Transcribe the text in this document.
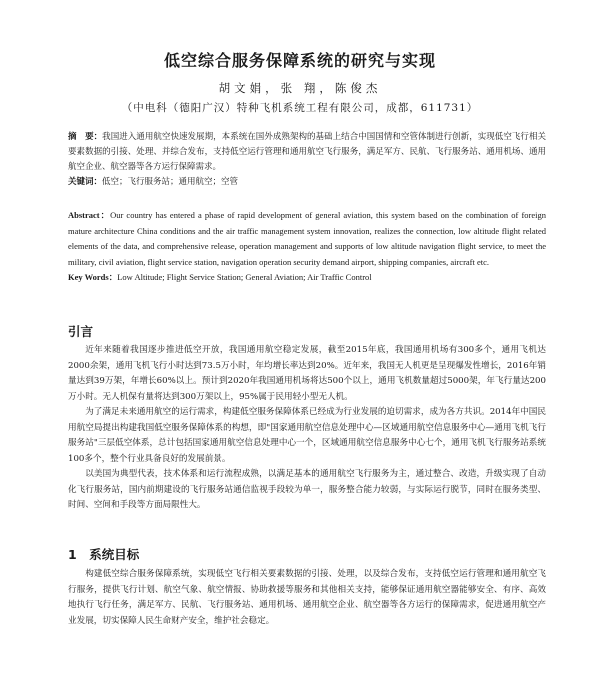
低空综合服务保障系统的研究与实现
胡文娟，张 翔，陈俊杰
（中电科（德阳广汉）特种飞机系统工程有限公司，成都，611731）
摘　要：我国进入通用航空快速发展期，本系统在国外成熟架构的基础上结合中国国情和空管体制进行创新，实现低空飞行相关要素数据的引接、处理、并综合发布，支持低空运行管理和通用航空飞行服务，满足军方、民航、飞行服务站、通用机场、通用航空企业、航空器等各方运行保障需求。
关键词：低空；飞行服务站；通用航空；空管
Abstract：Our country has entered a phase of rapid development of general aviation, this system based on the combination of foreign mature architecture China conditions and the air traffic management system innovation, realizes the connection, low altitude flight related elements of the data, and comprehensive release, operation management and supports of low altitude navigation flight service, to meet the military, civil aviation, flight service station, navigation operation security demand airport, shipping companies, aircraft etc.
Key Words：Low Altitude; Flight Service Station; General Aviation; Air Traffic Control
引言

近年来随着我国逐步推进低空开放，我国通用航空稳定发展，截至2015年底，我国通用机场有300多个，通用飞机达2000余架，通用飞机飞行小时达到73.5万小时，年均增长率达到20%。近年来，我国无人机更是呈现爆发性增长，2016年销量达到39万架，年增长60%以上。预计到2020年我国通用机场将达500个以上，通用飞机数量超过5000架，年飞行量达200万小时。无人机保有量将达到300万架以上，95%属于民用轻小型无人机。

为了满足未来通用航空的运行需求，构建低空服务保障体系已经成为行业发展的迫切需求，成为各方共识。2014年中国民用航空局提出构建我国低空服务保障体系的构想，即"国家通用航空信息处理中心—区域通用航空信息服务中心—通用飞机飞行服务站"三层低空体系，总计包括国家通用航空信息处理中心一个，区域通用航空信息服务中心七个，通用飞机飞行服务站系统100多个，整个行业具备良好的发展前景。

以美国为典型代表，技术体系和运行流程成熟，以满足基本的通用航空飞行服务为主，通过整合、改造，升级实现了自动化飞行服务站，国内前期建设的飞行服务站通信监视手段较为单一，服务整合能力较弱，与实际运行脱节，同时在服务类型、时间、空间和手段等方面局限性大。

1　系统目标

构建低空综合服务保障系统，实现低空飞行相关要素数据的引接、处理，以及综合发布，支持低空运行管理和通用航空飞行服务，提供飞行计划、航空气象、航空情报、协助救援等服务和其他相关支持，能够保证通用航空器能够安全、有序、高效地执行飞行任务，满足军方、民航、飞行服务站、通用机场、通用航空企业、航空器等各方运行的保障需求，促进通用航空产业发展，切实保障人民生命财产安全，维护社会稳定。
